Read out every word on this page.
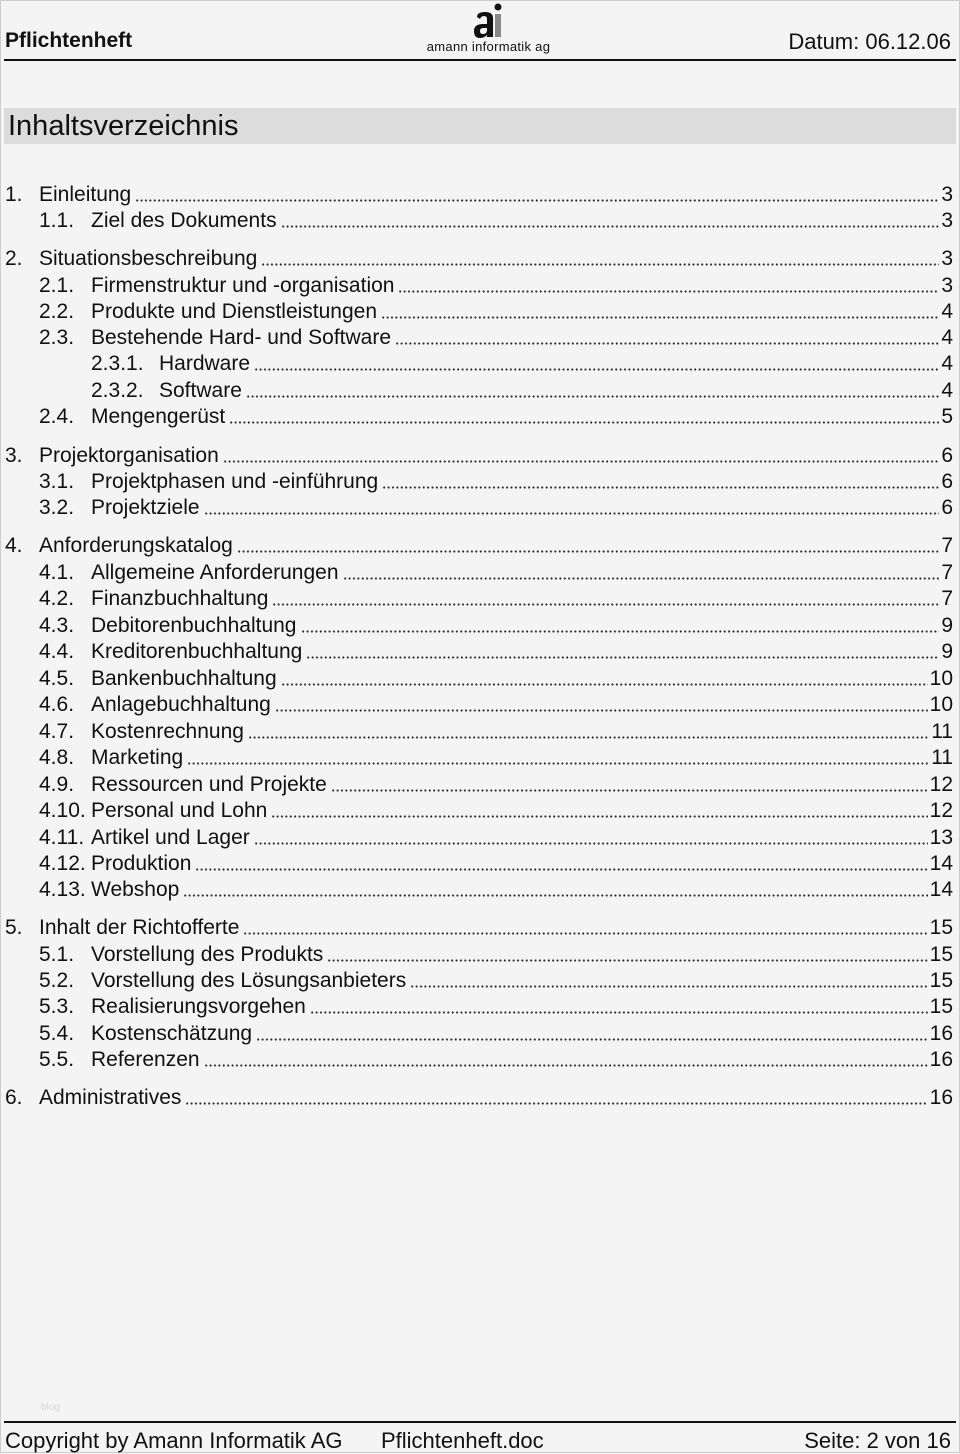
Pflichtenheft	amann informatik ag	Datum: 06.12.06
Inhaltsverzeichnis
1. Einleitung	3
1.1. Ziel des Dokuments	3
2. Situationsbeschreibung	3
2.1. Firmenstruktur und -organisation	3
2.2. Produkte und Dienstleistungen	4
2.3. Bestehende Hard- und Software	4
2.3.1. Hardware	4
2.3.2. Software	4
2.4. Mengengerüst	5
3. Projektorganisation	6
3.1. Projektphasen und -einführung	6
3.2. Projektziele	6
4. Anforderungskatalog	7
4.1. Allgemeine Anforderungen	7
4.2. Finanzbuchhaltung	7
4.3. Debitorenbuchhaltung	9
4.4. Kreditorenbuchhaltung	9
4.5. Bankenbuchhaltung	10
4.6. Anlagebuchhaltung	10
4.7. Kostenrechnung	11
4.8. Marketing	11
4.9. Ressourcen und Projekte	12
4.10. Personal und Lohn	12
4.11. Artikel und Lager	13
4.12. Produktion	14
4.13. Webshop	14
5. Inhalt der Richtofferte	15
5.1. Vorstellung des Produkts	15
5.2. Vorstellung des Lösungsanbieters	15
5.3. Realisierungsvorgehen	15
5.4. Kostenschätzung	16
5.5. Referenzen	16
6. Administratives	16
blog
Copyright by Amann Informatik AG Pflichtenheft.doc	Seite: 2 von 16
